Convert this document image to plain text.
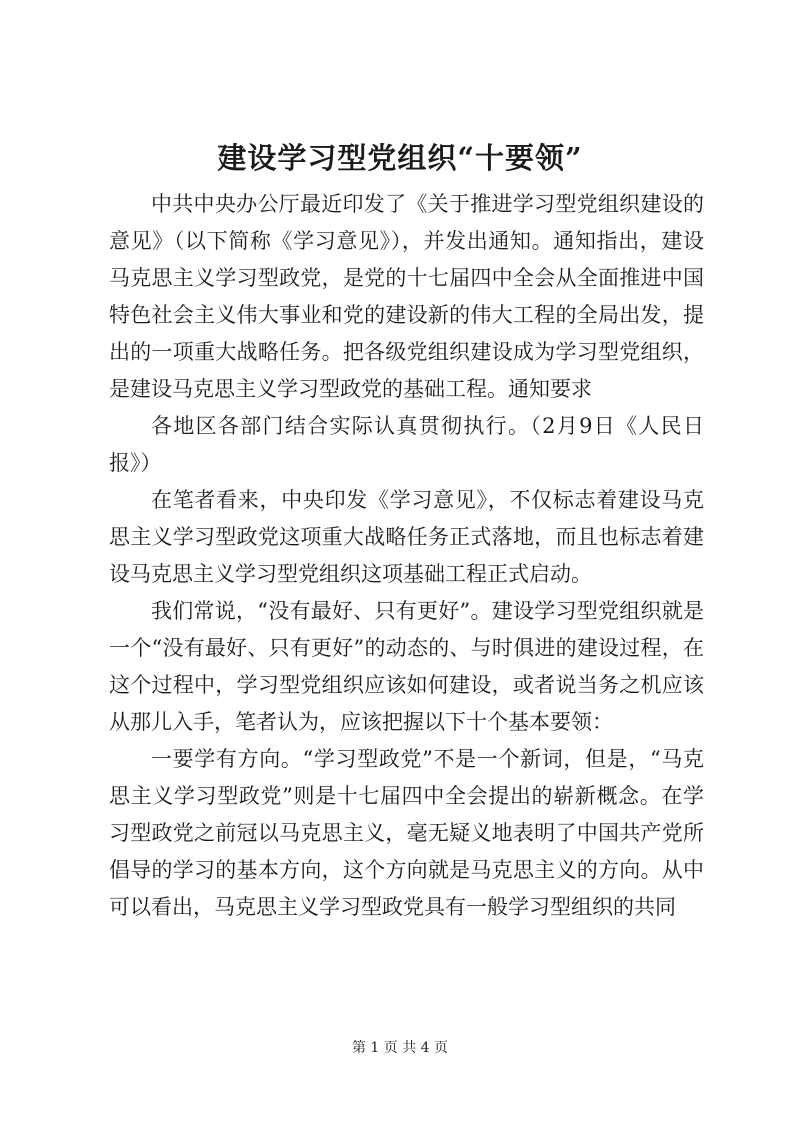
建设学习型党组织“十要领”

中共中央办公厅最近印发了《关于推进学习型党组织建设的意见》（以下简称《学习意见》），并发出通知。通知指出，建设马克思主义学习型政党，是党的十七届四中全会从全面推进中国特色社会主义伟大事业和党的建设新的伟大工程的全局出发，提出的一项重大战略任务。把各级党组织建设成为学习型党组织，是建设马克思主义学习型政党的基础工程。通知要求

各地区各部门结合实际认真贯彻执行。（2月9日《人民日报》）

在笔者看来，中央印发《学习意见》，不仅标志着建设马克思主义学习型政党这项重大战略任务正式落地，而且也标志着建设马克思主义学习型党组织这项基础工程正式启动。

我们常说，“没有最好、只有更好”。建设学习型党组织就是一个“没有最好、只有更好”的动态的、与时俱进的建设过程，在这个过程中，学习型党组织应该如何建设，或者说当务之机应该从那儿入手，笔者认为，应该把握以下十个基本要领：

一要学有方向。“学习型政党”不是一个新词，但是，“马克思主义学习型政党”则是十七届四中全会提出的崭新概念。在学习型政党之前冠以马克思主义，毫无疑义地表明了中国共产党所倡导的学习的基本方向，这个方向就是马克思主义的方向。从中可以看出，马克思主义学习型政党具有一般学习型组织的共同

第 1 页 共 4 页
